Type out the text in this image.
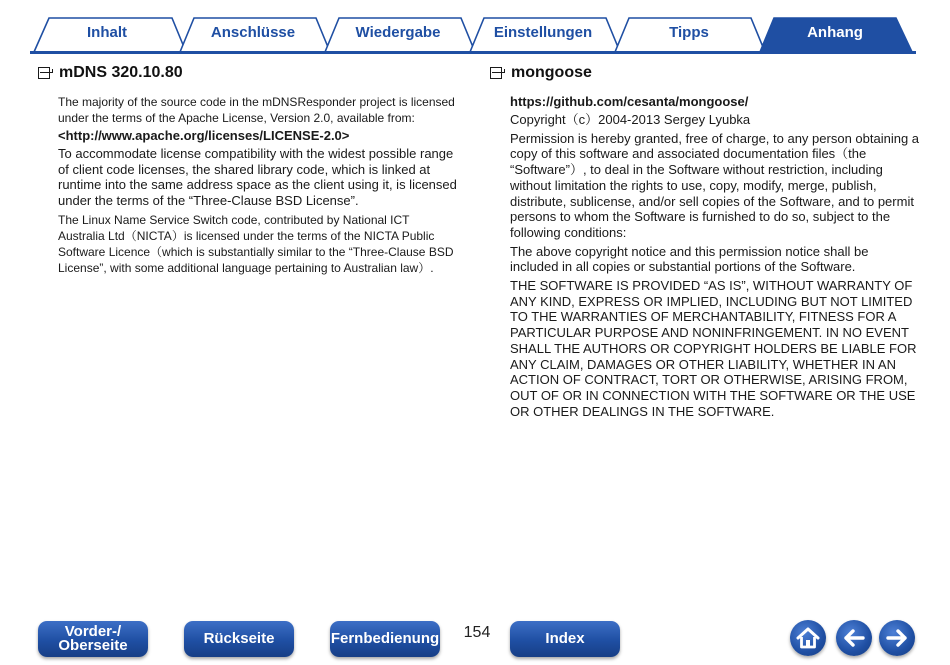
Inhalt	Anschlüsse	Wiedergabe	Einstellungen	Tipps	Anhang
mDNS 320.10.80

The majority of the source code in the mDNSResponder project is licensed under the terms of the Apache License, Version 2.0, available from:

<http://www.apache.org/licenses/LICENSE-2.0>

To accommodate license compatibility with the widest possible range of client code licenses, the shared library code, which is linked at runtime into the same address space as the client using it, is licensed under the terms of the “Three-Clause BSD License”.

The Linux Name Service Switch code, contributed by National ICT Australia Ltd（NICTA）is licensed under the terms of the NICTA Public Software Licence（which is substantially similar to the “Three-Clause BSD License”, with some additional language pertaining to Australian law）.

mongoose

https://github.com/cesanta/mongoose/

Copyright（c）2004-2013 Sergey Lyubka

Permission is hereby granted, free of charge, to any person obtaining a copy of this software and associated documentation files（the “Software”）, to deal in the Software without restriction, including without limitation the rights to use, copy, modify, merge, publish, distribute, sublicense, and/or sell copies of the Software, and to permit persons to whom the Software is furnished to do so, subject to the following conditions:

The above copyright notice and this permission notice shall be included in all copies or substantial portions of the Software.

THE SOFTWARE IS PROVIDED “AS IS”, WITHOUT WARRANTY OF ANY KIND, EXPRESS OR IMPLIED, INCLUDING BUT NOT LIMITED TO THE WARRANTIES OF MERCHANTABILITY, FITNESS FOR A PARTICULAR PURPOSE AND NONINFRINGEMENT. IN NO EVENT SHALL THE AUTHORS OR COPYRIGHT HOLDERS BE LIABLE FOR ANY CLAIM, DAMAGES OR OTHER LIABILITY, WHETHER IN AN ACTION OF CONTRACT, TORT OR OTHERWISE, ARISING FROM, OUT OF OR IN CONNECTION WITH THE SOFTWARE OR THE USE OR OTHER DEALINGS IN THE SOFTWARE.

Vorder-/
Oberseite	Rückseite	Fernbedienung	154	Index
